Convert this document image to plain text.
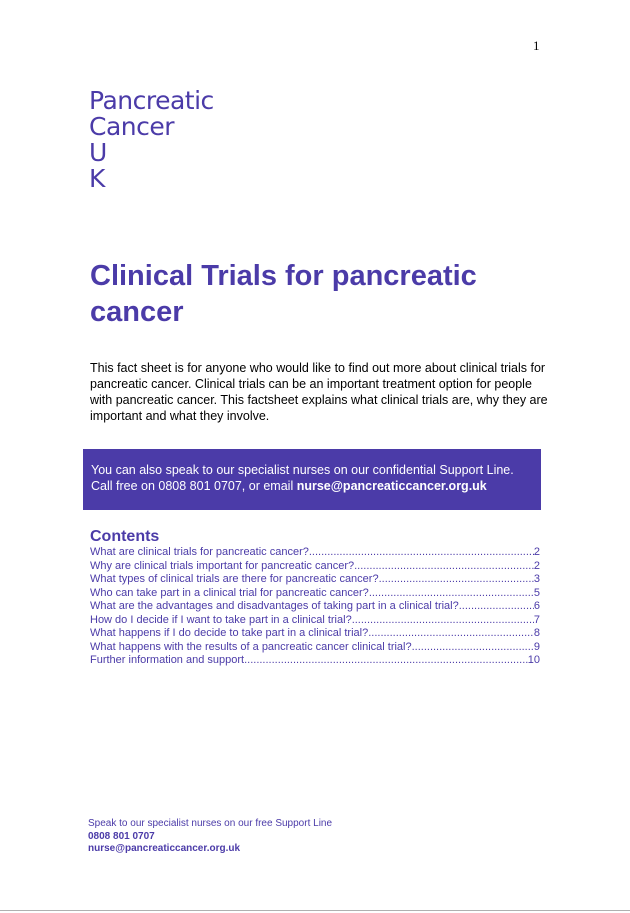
1
Pancreatic
Cancer
U
K
Clinical Trials for pancreatic cancer

This fact sheet is for anyone who would like to find out more about clinical trials for pancreatic cancer. Clinical trials can be an important treatment option for people with pancreatic cancer. This factsheet explains what clinical trials are, why they are important and what they involve.

You can also speak to our specialist nurses on our confidential Support Line.
Call free on 0808 801 0707, or email nurse@pancreaticcancer.org.uk
Contents
What are clinical trials for pancreatic cancer? .....	2
Why are clinical trials important for pancreatic cancer? .....	2
What types of clinical trials are there for pancreatic cancer? .....	3
Who can take part in a clinical trial for pancreatic cancer? .....	5
What are the advantages and disadvantages of taking part in a clinical trial? .....	6
How do I decide if I want to take part in a clinical trial? .....	7
What happens if I do decide to take part in a clinical trial? .....	8
What happens with the results of a pancreatic cancer clinical trial? .....	9
Further information and support .....	10
Speak to our specialist nurses on our free Support Line
0808 801 0707
nurse@pancreaticcancer.org.uk
